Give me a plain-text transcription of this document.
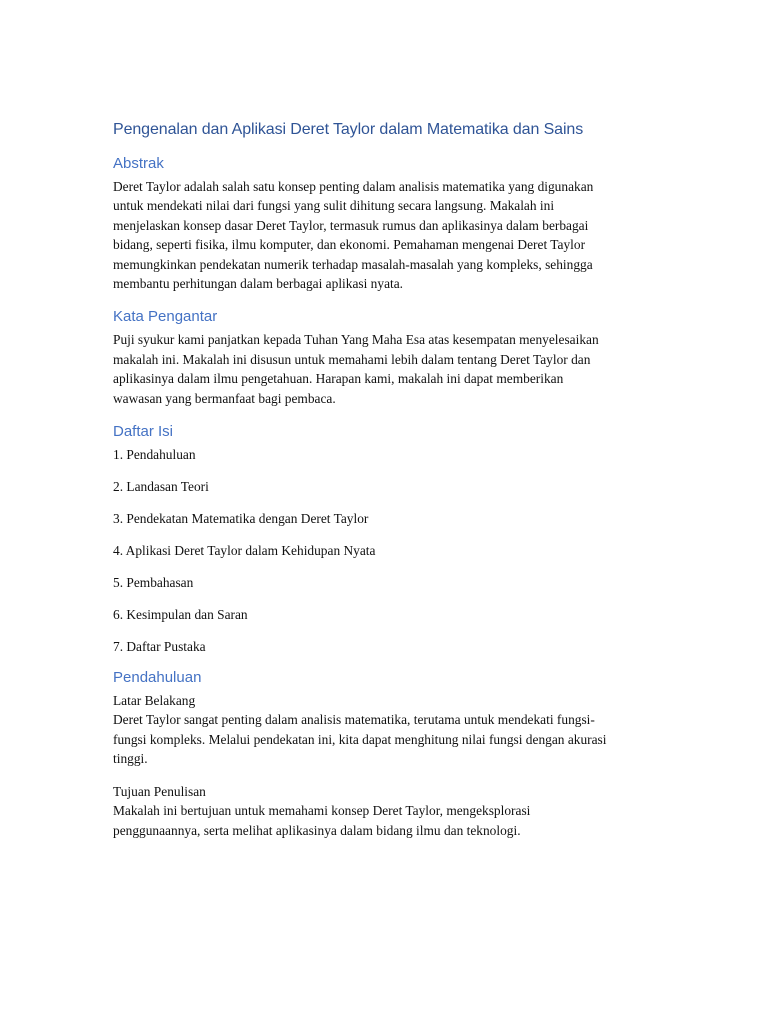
Pengenalan dan Aplikasi Deret Taylor dalam Matematika dan Sains
Abstrak
Deret Taylor adalah salah satu konsep penting dalam analisis matematika yang digunakan
untuk mendekati nilai dari fungsi yang sulit dihitung secara langsung. Makalah ini
menjelaskan konsep dasar Deret Taylor, termasuk rumus dan aplikasinya dalam berbagai
bidang, seperti fisika, ilmu komputer, dan ekonomi. Pemahaman mengenai Deret Taylor
memungkinkan pendekatan numerik terhadap masalah-masalah yang kompleks, sehingga
membantu perhitungan dalam berbagai aplikasi nyata.
Kata Pengantar
Puji syukur kami panjatkan kepada Tuhan Yang Maha Esa atas kesempatan menyelesaikan
makalah ini. Makalah ini disusun untuk memahami lebih dalam tentang Deret Taylor dan
aplikasinya dalam ilmu pengetahuan. Harapan kami, makalah ini dapat memberikan
wawasan yang bermanfaat bagi pembaca.
Daftar Isi
1. Pendahuluan
2. Landasan Teori
3. Pendekatan Matematika dengan Deret Taylor
4. Aplikasi Deret Taylor dalam Kehidupan Nyata
5. Pembahasan
6. Kesimpulan dan Saran
7. Daftar Pustaka
Pendahuluan
Latar Belakang
Deret Taylor sangat penting dalam analisis matematika, terutama untuk mendekati fungsi-
fungsi kompleks. Melalui pendekatan ini, kita dapat menghitung nilai fungsi dengan akurasi
tinggi.
Tujuan Penulisan
Makalah ini bertujuan untuk memahami konsep Deret Taylor, mengeksplorasi
penggunaannya, serta melihat aplikasinya dalam bidang ilmu dan teknologi.
